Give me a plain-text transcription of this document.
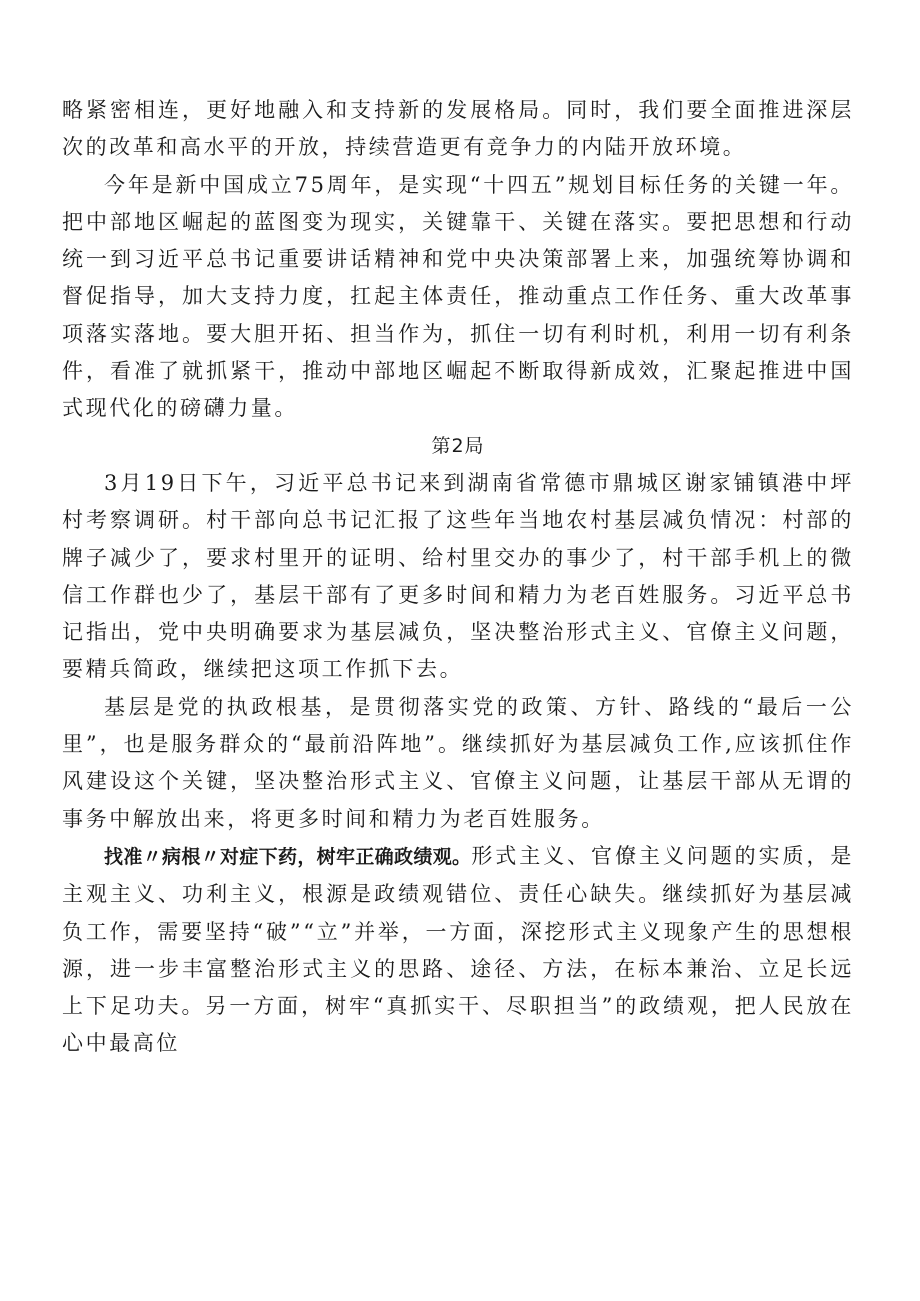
略紧密相连，更好地融入和支持新的发展格局。同时，我们要全面推进深层次的改革和高水平的开放，持续营造更有竞争力的内陆开放环境。

今年是新中国成立75周年，是实现“十四五”规划目标任务的关键一年。把中部地区崛起的蓝图变为现实，关键靠干、关键在落实。要把思想和行动统一到习近平总书记重要讲话精神和党中央决策部署上来，加强统筹协调和督促指导，加大支持力度，扛起主体责任，推动重点工作任务、重大改革事项落实落地。要大胆开拓、担当作为，抓住一切有利时机，利用一切有利条件，看准了就抓紧干，推动中部地区崛起不断取得新成效，汇聚起推进中国式现代化的磅礴力量。

第2局

3月19日下午，习近平总书记来到湖南省常德市鼎城区谢家铺镇港中坪村考察调研。村干部向总书记汇报了这些年当地农村基层减负情况：村部的牌子减少了，要求村里开的证明、给村里交办的事少了，村干部手机上的微信工作群也少了，基层干部有了更多时间和精力为老百姓服务。习近平总书记指出，党中央明确要求为基层减负，坚决整治形式主义、官僚主义问题，要精兵简政，继续把这项工作抓下去。

基层是党的执政根基，是贯彻落实党的政策、方针、路线的“最后一公里”，也是服务群众的“最前沿阵地”。继续抓好为基层减负工作,应该抓住作风建设这个关键，坚决整治形式主义、官僚主义问题，让基层干部从无谓的事务中解放出来，将更多时间和精力为老百姓服务。

找准〃病根〃对症下药，树牢正确政绩观。形式主义、官僚主义问题的实质，是主观主义、功利主义，根源是政绩观错位、责任心缺失。继续抓好为基层减负工作，需要坚持“破”“立”并举，一方面，深挖形式主义现象产生的思想根源，进一步丰富整治形式主义的思路、途径、方法，在标本兼治、立足长远上下足功夫。另一方面，树牢“真抓实干、尽职担当”的政绩观，把人民放在心中最高位
